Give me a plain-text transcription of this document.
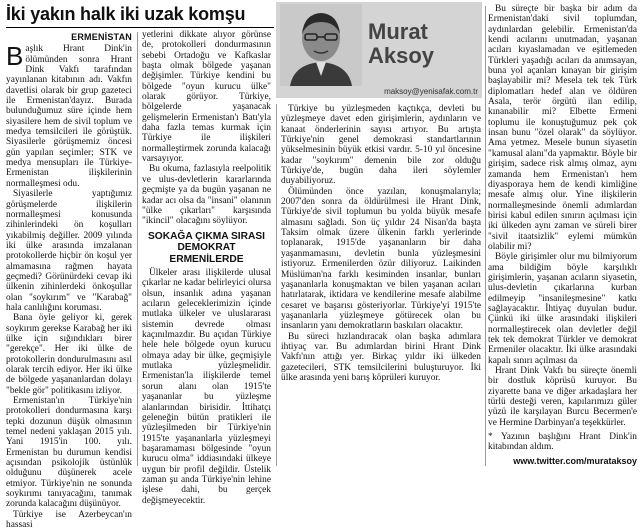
İki yakın halk iki uzak komşu
Murat
Aksoy
maksoy@yenisafak.com.tr
ERMENİSTAN

Başlık Hrant Dink'in ölümünden sonra Hrant Dink Vakfı tarafından yayınlanan kitabının adı. Vakfın davetlisi olarak bir grup gazeteci ile Ermenistan'dayız. Burada bulunduğumuz süre içinde hem siyasilere hem de sivil toplum ve medya temsilcileri ile görüştük. Siyasilerle görüşmemiz öncesi gün yapılan seçimler; STK ve medya mensupları ile Türkiye-Ermenistan ilişkilerinin normalleşmesi odu.

Siyasilerle yaptığımız görüşmelerde ilişkilerin normalleşmesi konusunda zihinlerindeki ön koşulları yıkabilmiş değiller. 2009 yılında iki ülke arasında imzalanan protokollerde hiçbir ön koşul yer almamasına rağmen hayata geçmedi? Görünürdeki cevap iki ülkenin zihinlerdeki önkoşullar olan "soykırım" ve "Karabağ" hala canlılığını koruması.

Bana öyle geliyor ki, gerek soykırım gerekse Karabağ her iki ülke için sığındıkları birer "gerekçe". Her iki ülke de protokollerin dondurulmasını asıl olarak tercih ediyor. Her iki ülke de bölgede yaşananlardan dolayı "bekle gör" politikasını izliyor.

Ermenistan'ın Türkiye'nin protokolleri dondurmasına karşı tepki dozunun düşük olmasının temel nedeni yaklaşan 2015 yılı. Yani 1915'in 100. yılı. Ermenistan bu durumun kendisi açısından psikolojik üstünlük olduğunu düşünerek acele etmiyor. Türkiye'nin ne sonunda soykırımı tanıyacağını, tanımak zorunda kalacağını düşünüyor.

Türkiye ise Azerbeycan'ın hassasi

yetlerini dikkate alıyor görünse de, protokolleri dondurmasının sebebi Ortadoğu ve Kafkaslar başta olmak bölgede yaşanan değişimler. Türkiye kendini bu bölgede "oyun kurucu ülke" olarak görüyor. Türkiye, bölgelerde yaşanacak gelişmelerin Ermenistan'ı Batı'yla daha fazla temas kurmak için Türkiye ile ilişkileri normalleştirmek zorunda kalacağı varsayıyor.

Bu okuma, fazlasıyla reelpolitik ve ulus-devletlerin kararlarında geçmişte ya da bugün yaşanan ne kadar acı olsa da "insani" olanının "ülke çıkarları" karşısında "ikincil" olacağını söylüyor.

SOKAĞA ÇIKMA SIRASI DEMOKRAT ERMENİLERDE

Ülkeler arası ilişkilerde ulusal çıkarlar ne kadar belirleyici olursa olsun, insanlık adına yaşanan acıların geleceklerimizin içinde mutlaka ülkeler ve uluslararası sistemin devrede olması kaçınılmazdır. Bu açıdan Türkiye hele hele bölgede oyun kurucu olmaya aday bir ülke, geçmişiyle mutlaka yüzleşmelidir. Ermenistan'la ilişkilerde temel sorun alanı olan 1915'te yaşananlar bu yüzleşme alanlarından birisidir. İttihatçı geleneğin bütün pratikleri ile yüzleşilmeden bir Türkiye'nin 1915'te yaşananlarla yüzleşmeyi başaramaması bölgesinde "oyun kurucu olma" iddiasındaki ülkeye uygun bir profil değildir. Üstelik zaman şu anda Türkiye'nin lehine işlese dahi, bu gerçek değişmeyecektir.

Türkiye bu yüzleşmeden kaçtıkça, devleti bu yüzleşmeye davet eden girişimlerin, aydınların ve kanaat önderlerinin sayısı artıyor. Bu artışta Türkiye'nin genel demokrasi standartlarının yükselmesinin büyük etkisi vardır. 5-10 yıl öncesine kadar "soykırım" demenin bile zor olduğu Türkiye'de, bugün daha ileri söylemler duyabiliyoruz.

Ölümünden önce yazılan, konuşmalarıyla; 2007'den sonra da öldürülmesi ile Hrant Dink, Türkiye'de sivil toplumun bu yolda büyük mesafe almasını sağladı. Son üç yıldır 24 Nisan'da başta Taksim olmak üzere ülkenin farklı yerlerinde toplanarak, 1915'de yaşananların bir daha yaşanmamasını, devletin bunla yüzleşmesini istiyoruz. Ermenilerden özür diliyoruz. Laikinden Müslüman'na farklı kesiminden insanlar, bunları yaşananlarla konuşmaktan ve bilen yaşanan acıları hatırlatarak, iktidara ve kendilerine mesafe alabilme cesaret ve başarısı gösteriyorlar. Türkiye'yi 1915'te yaşananlarla yüzleşmeye götürecek olan bu insanların yanı demokratların baskıları olacaktır.

Bu süreci hızlandıracak olan başka adımlara ihtiyaç var. Bu adımlardan birini Hrant Dink Vakfı'nın attığı yer. Birkaç yıldır iki ülkeden gazetecileri, STK temsilcilerini buluşturuyor. İki ülke arasında yeni barış köprüleri kuruyor.

Bu süreçte bir başka bir adım da Ermenistan'daki sivil toplumdan, aydınlardan gelebilir. Ermenistan'da kendi acılarını unutmadan, yaşanan acıları kıyaslamadan ve eşitlemeden Türkleri yaşadığı acıları da anımsayan, buna yol açanları kınayan bir girişim başlayabilir mi? Mesela tek tek Türk diplomatları hedef alan ve öldüren Asala, terör örgütü ilan edilip, kınanabilir mi? Elbette Ermeni toplumu ile konuştuğumuz pek çok insan bunu "özel olarak" da söylüyor. Ama yetmez. Mesele bunun siyasetin "kamusal alanı"da yapmaktır. Böyle bir girişim, sadece risk almış olmaz, aynı zamanda hem Ermenistan'ı hem diyasporaya hem de kendi kimliğine mesafe almış olur. Yine ilişkilerin normalleşmesinde önemli adımlardan birisi kabul edilen sınırın açılması için iki ülkeden aynı zaman ve süreli birer "sivil itaatsizlik" eylemi mümkün olabilir mi?

Böyle girişimler olur mu bilmiyorum ama bildiğim böyle karşılıklı girişimlerin, yaşanan acıların siyasetin, ulus-devletin çıkarlarına kurban edilmeyip "insanileşmesine" katkı sağlayacaktır. İhtiyaç duyulan budur. Çünkü iki ülke arasındaki ilişkileri normalleştirecek olan devletler değil tek tek demokrat Türkler ve demokrat Ermeniler olacaktır. İki ülke arasındaki kapalı sınırı açılması da

Hrant Dink Vakfı bu süreçte önemli bir dostluk köprüsü kuruyor. Bu ziyarette bana ve diğer arkadaşlara her türlü desteği veren, kapılarımızı güler yüzü ile karşılayan Burcu Becermen'e ve Hermine Darbinyan'a teşekkürler.

* Yazının başlığını Hrant Dink'in kitabından aldım.

www.twitter.com/murataksoy
